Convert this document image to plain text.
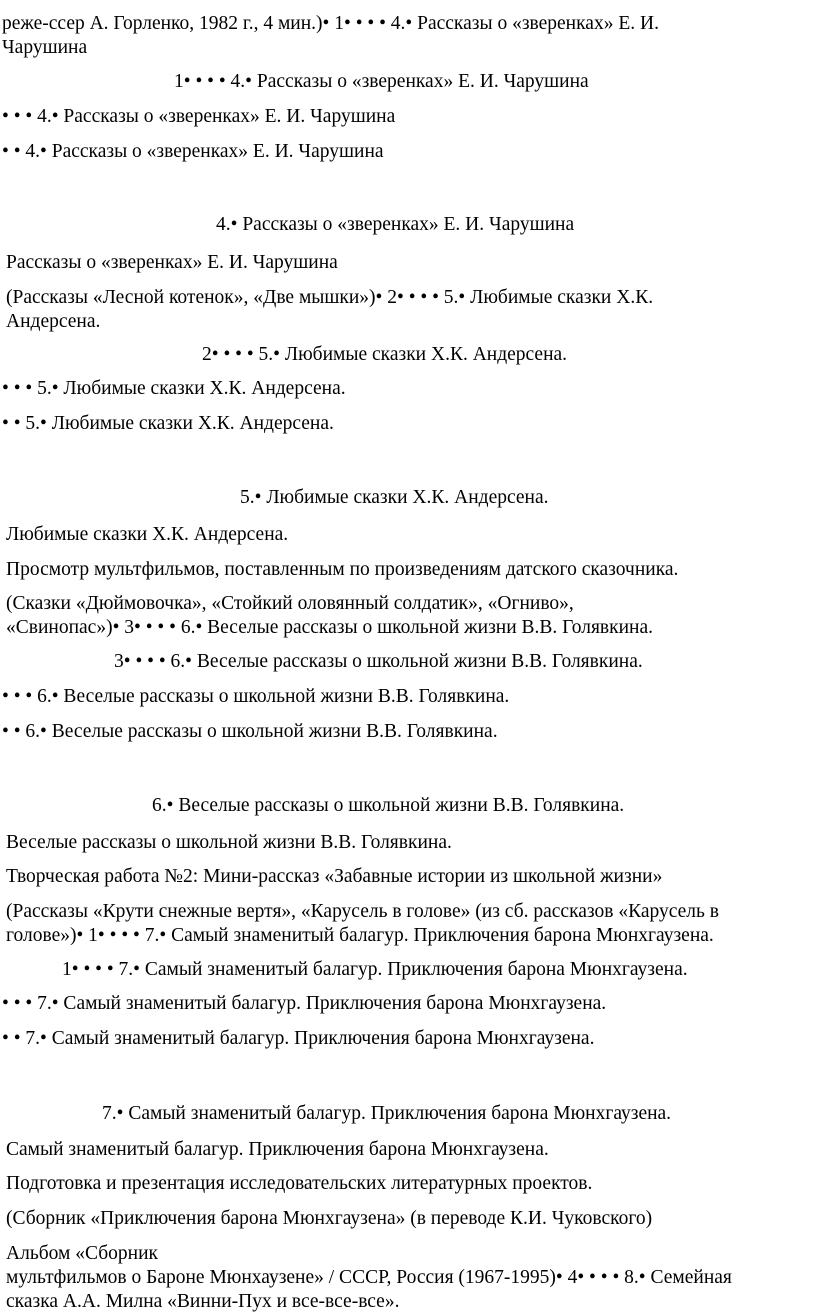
реже-ссер А. Горленко, 1982 г., 4 мин.)• 1• • • • 4.• Рассказы о «зверенках» Е. И.
Чарушина
1• • • • 4.• Рассказы о «зверенках» Е. И. Чарушина
• • • 4.• Рассказы о «зверенках» Е. И. Чарушина
• • 4.• Рассказы о «зверенках» Е. И. Чарушина
4.• Рассказы о «зверенках» Е. И. Чарушина
Рассказы о «зверенках» Е. И. Чарушина
(Рассказы «Лесной котенок», «Две мышки»)• 2• • • • 5.• Любимые сказки Х.К.
Андерсена.
2• • • • 5.• Любимые сказки Х.К. Андерсена.
• • • 5.• Любимые сказки Х.К. Андерсена.
• • 5.• Любимые сказки Х.К. Андерсена.
5.• Любимые сказки Х.К. Андерсена.
Любимые сказки Х.К. Андерсена.
Просмотр мультфильмов, поставленным по произведениям датского сказочника.
(Сказки «Дюймовочка», «Стойкий оловянный солдатик», «Огниво»,
«Свинопас»)• 3• • • • 6.• Веселые рассказы о школьной жизни В.В. Голявкина.
3• • • • 6.• Веселые рассказы о школьной жизни В.В. Голявкина.
• • • 6.• Веселые рассказы о школьной жизни В.В. Голявкина.
• • 6.• Веселые рассказы о школьной жизни В.В. Голявкина.
6.• Веселые рассказы о школьной жизни В.В. Голявкина.
Веселые рассказы о школьной жизни В.В. Голявкина.
Творческая работа №2: Мини-рассказ «Забавные истории из школьной жизни»
(Рассказы «Крути снежные вертя», «Карусель в голове» (из сб. рассказов «Карусель в
голове»)• 1• • • • 7.• Самый знаменитый балагур. Приключения барона Мюнхгаузена.
1• • • • 7.• Самый знаменитый балагур. Приключения барона Мюнхгаузена.
• • • 7.• Самый знаменитый балагур. Приключения барона Мюнхгаузена.
• • 7.• Самый знаменитый балагур. Приключения барона Мюнхгаузена.
7.• Самый знаменитый балагур. Приключения барона Мюнхгаузена.
Самый знаменитый балагур. Приключения барона Мюнхгаузена.
Подготовка и презентация исследовательских литературных проектов.
(Сборник «Приключения барона Мюнхгаузена» (в переводе К.И. Чуковского)
Альбом «Сборник
мультфильмов о Бароне Мюнхаузене» / СССР, Россия (1967-1995)• 4• • • • 8.• Семейная
сказка А.А. Милна «Винни-Пух и все-все-все».
